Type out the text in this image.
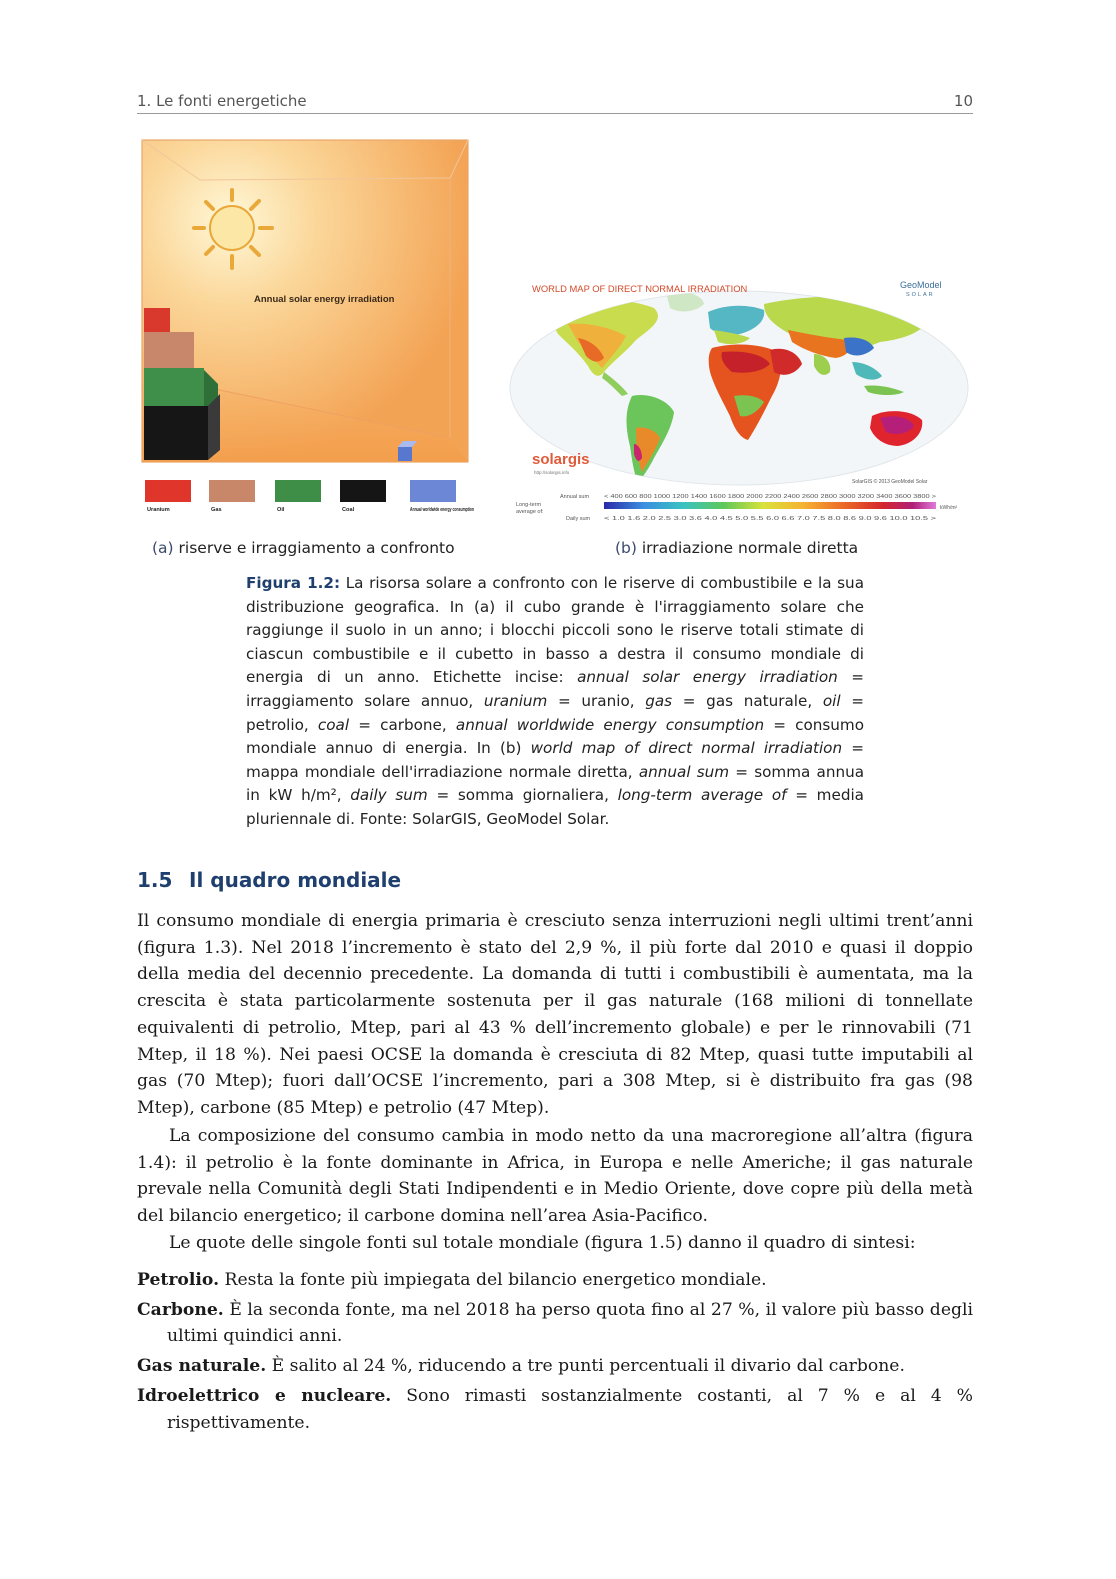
1. Le fonti energetiche	10
Annual solar energy irradiation
Uranium	Gas	Oil	Coal	Annual worldwide energy consumption
WORLD MAP OF DIRECT NORMAL IRRADIATION	GeoModel
SOLAR
solargis
http://solargis.info
SolarGIS © 2013 GeoModel Solar
Long-term
average of:
Annual sum	< 400 600 800 1000 1200 1400 1600 1800 2000 2200 2400 2600 2800 3000 3200 3400 3600 3800 >
kWh/m²
Daily sum	< 1.0 1.6 2.0 2.5 3.0 3.6 4.0 4.5 5.0 5.5 6.0 6.6 7.0 7.5 8.0 8.6 9.0 9.6 10.0 10.5 >
(a) riserve e irraggiamento a confronto	(b) irradiazione normale diretta
Figura 1.2: La risorsa solare a confronto con le riserve di combustibile e la sua distribuzione geografica. In (a) il cubo grande è l'irraggiamento solare che raggiunge il suolo in un anno; i blocchi piccoli sono le riserve totali stimate di ciascun combustibile e il cubetto in basso a destra il consumo mondiale di energia di un anno. Etichette incise: annual solar energy irradiation = irraggiamento solare annuo, uranium = uranio, gas = gas naturale, oil = petrolio, coal = carbone, annual worldwide energy consumption = consumo mondiale annuo di energia. In (b) world map of direct normal irradiation = mappa mondiale dell'irradiazione normale diretta, annual sum = somma annua in kW h/m², daily sum = somma giornaliera, long-term average of = media pluriennale di. Fonte: SolarGIS, GeoModel Solar.
1.5 Il quadro mondiale

Il consumo mondiale di energia primaria è cresciuto senza interruzioni negli ultimi trent’anni (figura 1.3). Nel 2018 l’incremento è stato del 2,9 %, il più forte dal 2010 e quasi il doppio della media del decennio precedente. La domanda di tutti i combustibili è aumentata, ma la crescita è stata particolarmente sostenuta per il gas naturale (168 milioni di tonnellate equivalenti di petrolio, Mtep, pari al 43 % dell’incremento globale) e per le rinnovabili (71 Mtep, il 18 %). Nei paesi OCSE la domanda è cresciuta di 82 Mtep, quasi tutte imputabili al gas (70 Mtep); fuori dall’OCSE l’incremento, pari a 308 Mtep, si è distribuito fra gas (98 Mtep), carbone (85 Mtep) e petrolio (47 Mtep).

La composizione del consumo cambia in modo netto da una macroregione all’altra (figura 1.4): il petrolio è la fonte dominante in Africa, in Europa e nelle Americhe; il gas naturale prevale nella Comunità degli Stati Indipendenti e in Medio Oriente, dove copre più della metà del bilancio energetico; il carbone domina nell’area Asia-Pacifico.

Le quote delle singole fonti sul totale mondiale (figura 1.5) danno il quadro di sintesi:

Petrolio. Resta la fonte più impiegata del bilancio energetico mondiale.
Carbone. È la seconda fonte, ma nel 2018 ha perso quota fino al 27 %, il valore più basso degli ultimi quindici anni.
Gas naturale. È salito al 24 %, riducendo a tre punti percentuali il divario dal carbone.
Idroelettrico e nucleare. Sono rimasti sostanzialmente costanti, al 7 % e al 4 % rispettivamente.
